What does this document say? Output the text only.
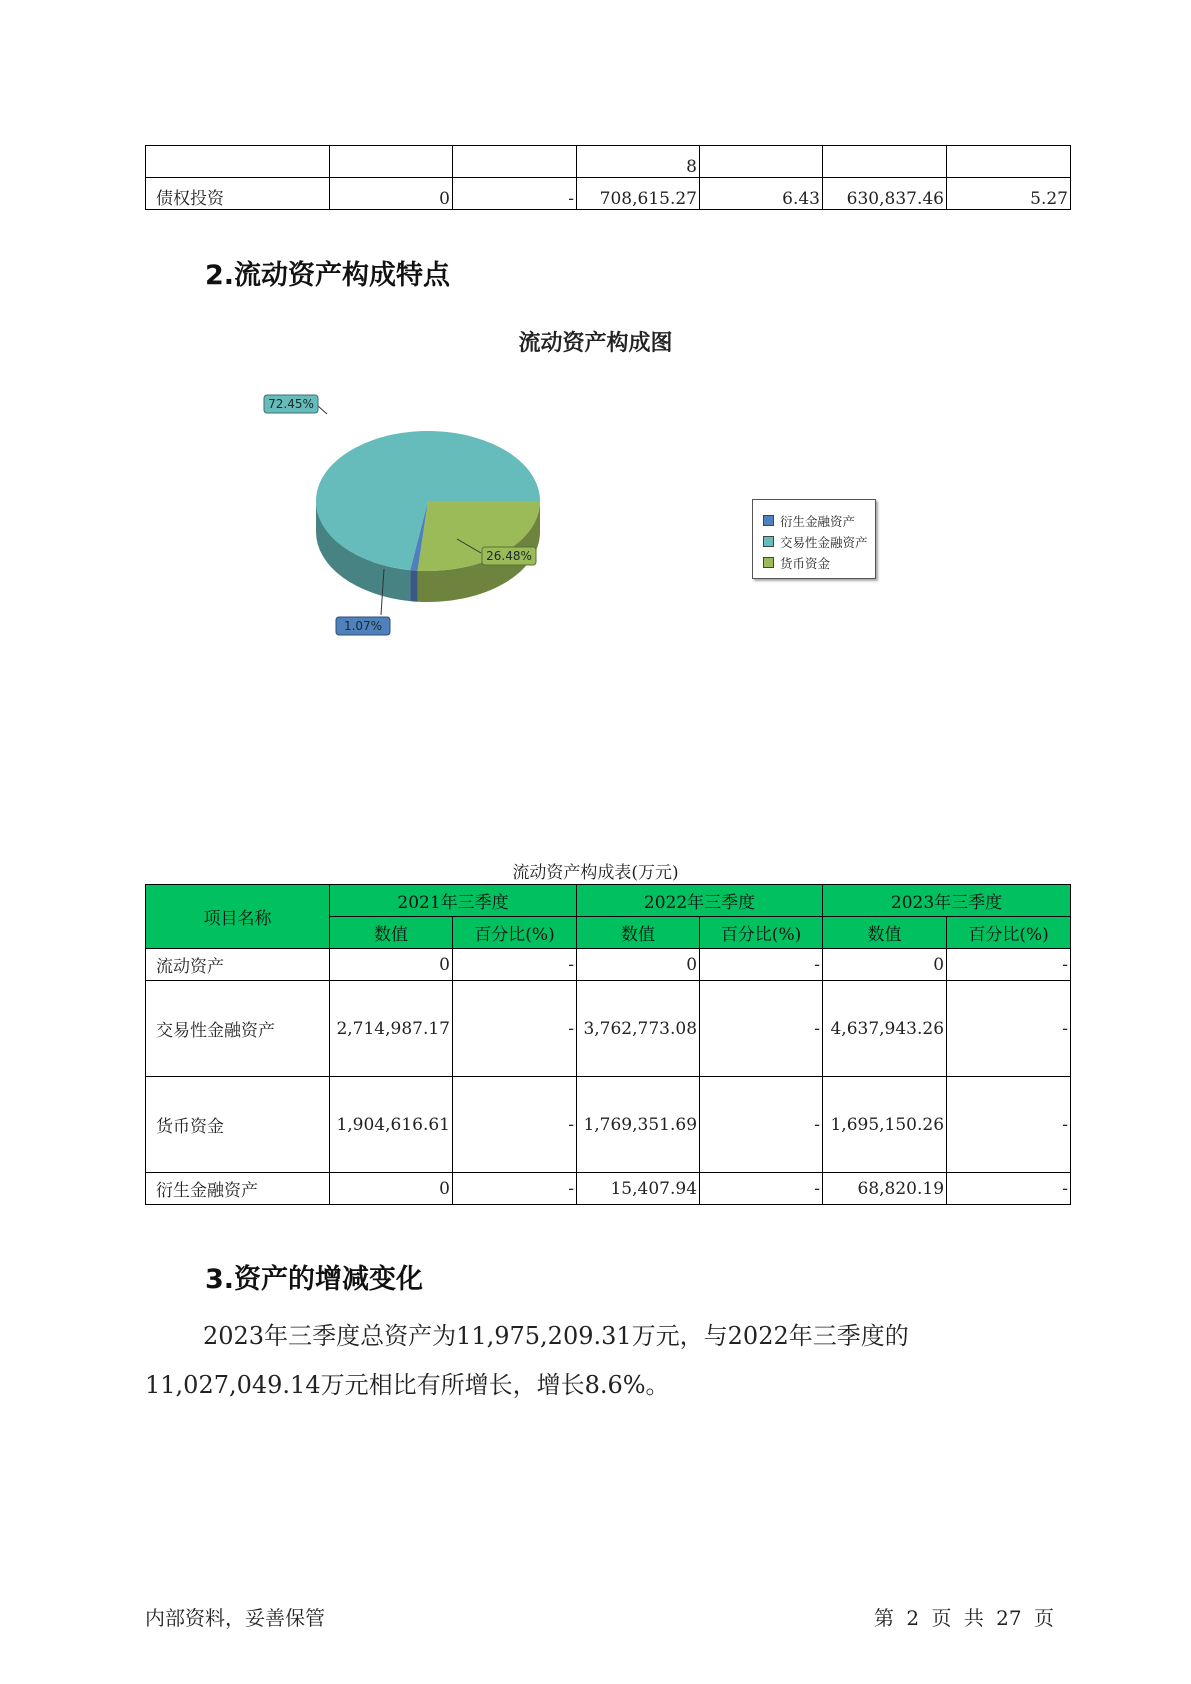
			8			
债权投资	0	-	708,615.27	6.43	630,837.46	5.27
2.流动资产构成特点
流动资产构成图
72.45%
26.48%
1.07%
衍生金融资产
交易性金融资产
货币资金
流动资产构成表(万元)
项目名称	2021年三季度		2022年三季度		2023年三季度	
	数值	百分比(%)	数值	百分比(%)	数值	百分比(%)
流动资产	0	-	0	-	0	-
交易性金融资产	2,714,987.17	-	3,762,773.08	-	4,637,943.26	-
货币资金	1,904,616.61	-	1,769,351.69	-	1,695,150.26	-
衍生金融资产	0	-	15,407.94	-	68,820.19	-
3.资产的增减变化

2023年三季度总资产为11,975,209.31万元，与2022年三季度的11,027,049.14万元相比有所增长，增长8.6%。

内部资料，妥善保管	第 2 页 共 27 页
